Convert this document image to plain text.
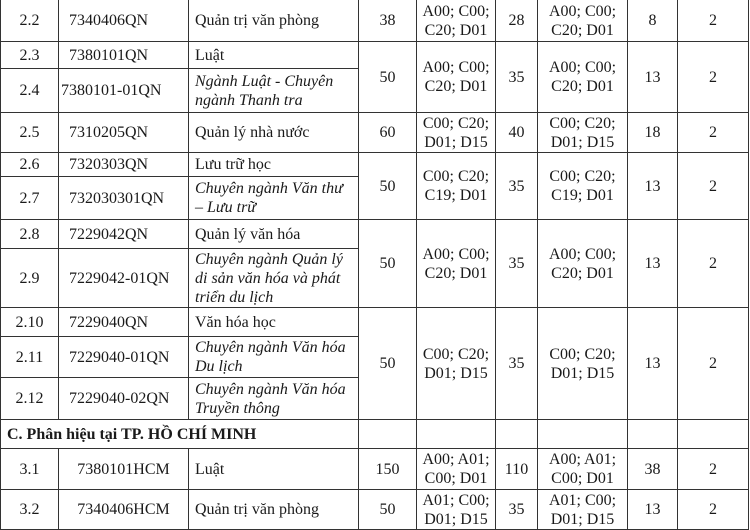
2.2	7340406QN	Quản trị văn phòng	38	A00; C00;
C20; D01	28	A00; C00;
C20; D01	8	2
2.3	7380101QN	Luật	50	A00; C00;
C20; D01	35	A00; C00;
C20; D01	13	2
2.4	7380101-01QN	Ngành Luật - Chuyên ngành Thanh tra						
2.5	7310205QN	Quản lý nhà nước	60	C00; C20;
D01; D15	40	C00; C20;
D01; D15	18	2
2.6	7320303QN	Lưu trữ học	50	C00; C20;
C19; D01	35	C00; C20;
C19; D01	13	2
2.7	732030301QN	Chuyên ngành Văn thư – Lưu trữ						
2.8	7229042QN	Quản lý văn hóa	50	A00; C00;
C20; D01	35	A00; C00;
C20; D01	13	2
2.9	7229042-01QN	Chuyên ngành Quản lý di sản văn hóa và phát triển du lịch						
2.10	7229040QN	Văn hóa học	50	C00; C20;
D01; D15	35	C00; C20;
D01; D15	13	2
2.11	7229040-01QN	Chuyên ngành Văn hóa Du lịch						
2.12	7229040-02QN	Chuyên ngành Văn hóa Truyền thông						
C. Phân hiệu tại TP. HỒ CHÍ MINH								
3.1	7380101HCM	Luật	150	A00; A01;
C00; D01	110	A00; A01;
C00; D01	38	2
3.2	7340406HCM	Quản trị văn phòng	50	A01; C00;
D01; D15	35	A01; C00;
D01; D15	13	2
